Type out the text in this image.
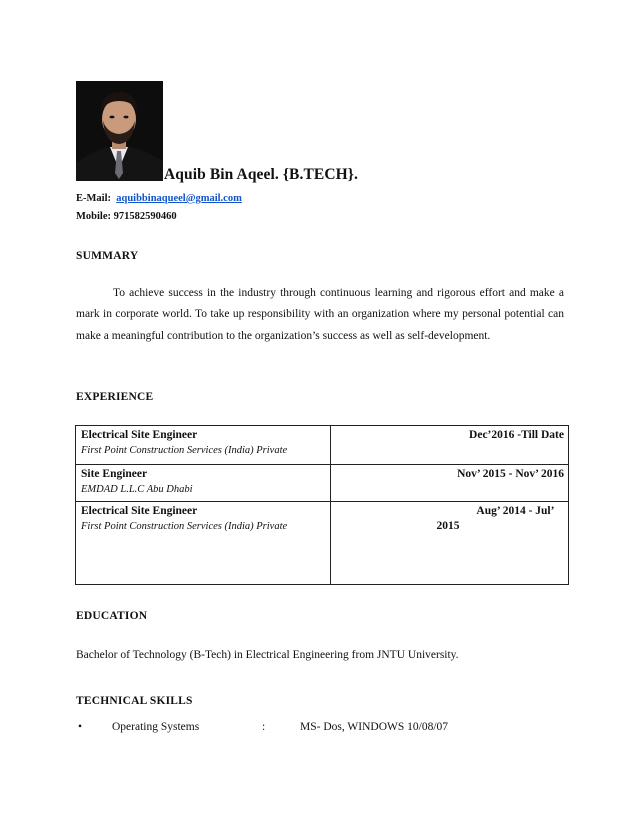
Aquib Bin Aqeel. {B.TECH}.
E-Mail: aquibbinaqueel@gmail.com
Mobile: 971582590460
SUMMARY

To achieve success in the industry through continuous learning and rigorous effort and make a mark in corporate world. To take up responsibility with an organization where my personal potential can make a meaningful contribution to the organization’s success as well as self-development.

EXPERIENCE
Electrical Site Engineer
First Point Construction Services (India) Private	Dec’2016 -Till Date

Site Engineer
EMDAD L.L.C Abu Dhabi	Nov’ 2015 - Nov’ 2016

Electrical Site Engineer
First Point Construction Services (India) Private	Aug’ 2014 - Jul’
2015
EDUCATION
Bachelor of Technology (B-Tech) in Electrical Engineering from JNTU University.
TECHNICAL SKILLS
•	Operating Systems	:	MS- Dos, WINDOWS 10/08/07
